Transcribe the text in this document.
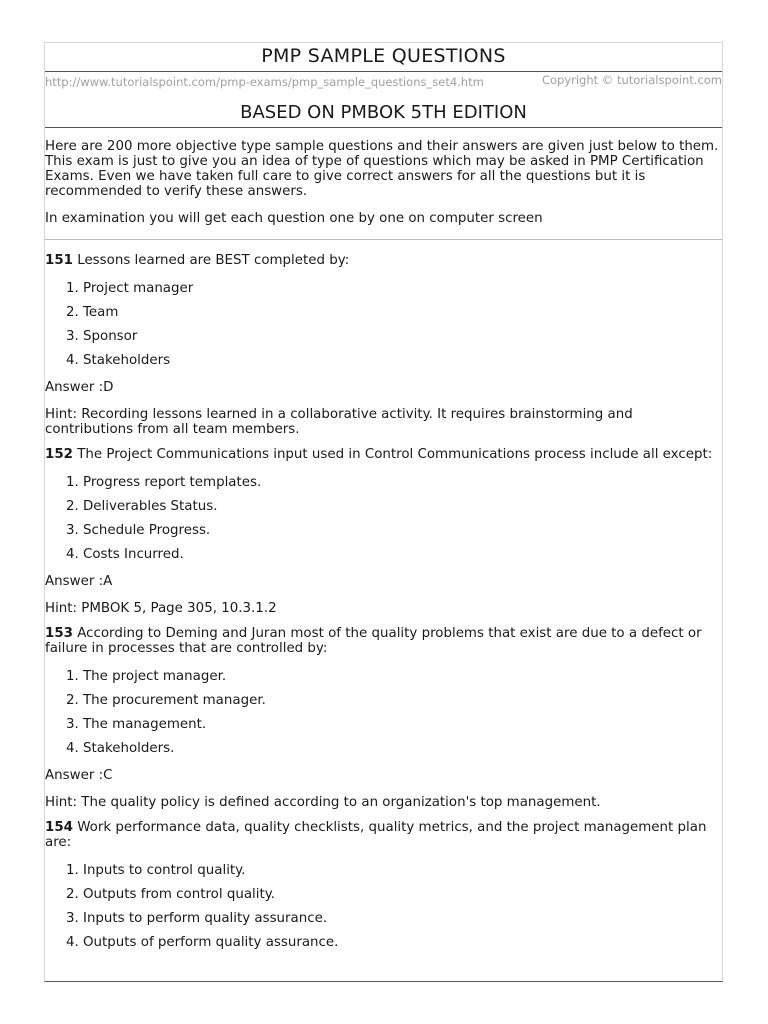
PMP SAMPLE QUESTIONS
http://www.tutorialspoint.com/pmp-exams/pmp_sample_questions_set4.htm	Copyright © tutorialspoint.com
BASED ON PMBOK 5TH EDITION

Here are 200 more objective type sample questions and their answers are given just below to them. This exam is just to give you an idea of type of questions which may be asked in PMP Certification Exams. Even we have taken full care to give correct answers for all the questions but it is recommended to verify these answers.

In examination you will get each question one by one on computer screen

151 Lessons learned are BEST completed by:

1. Project manager
2. Team
3. Sponsor
4. Stakeholders

Answer :D

Hint: Recording lessons learned in a collaborative activity. It requires brainstorming and contributions from all team members.

152 The Project Communications input used in Control Communications process include all except:

1. Progress report templates.
2. Deliverables Status.
3. Schedule Progress.
4. Costs Incurred.

Answer :A

Hint: PMBOK 5, Page 305, 10.3.1.2

153 According to Deming and Juran most of the quality problems that exist are due to a defect or failure in processes that are controlled by:

1. The project manager.
2. The procurement manager.
3. The management.
4. Stakeholders.

Answer :C

Hint: The quality policy is defined according to an organization's top management.

154 Work performance data, quality checklists, quality metrics, and the project management plan are:

1. Inputs to control quality.
2. Outputs from control quality.
3. Inputs to perform quality assurance.
4. Outputs of perform quality assurance.
